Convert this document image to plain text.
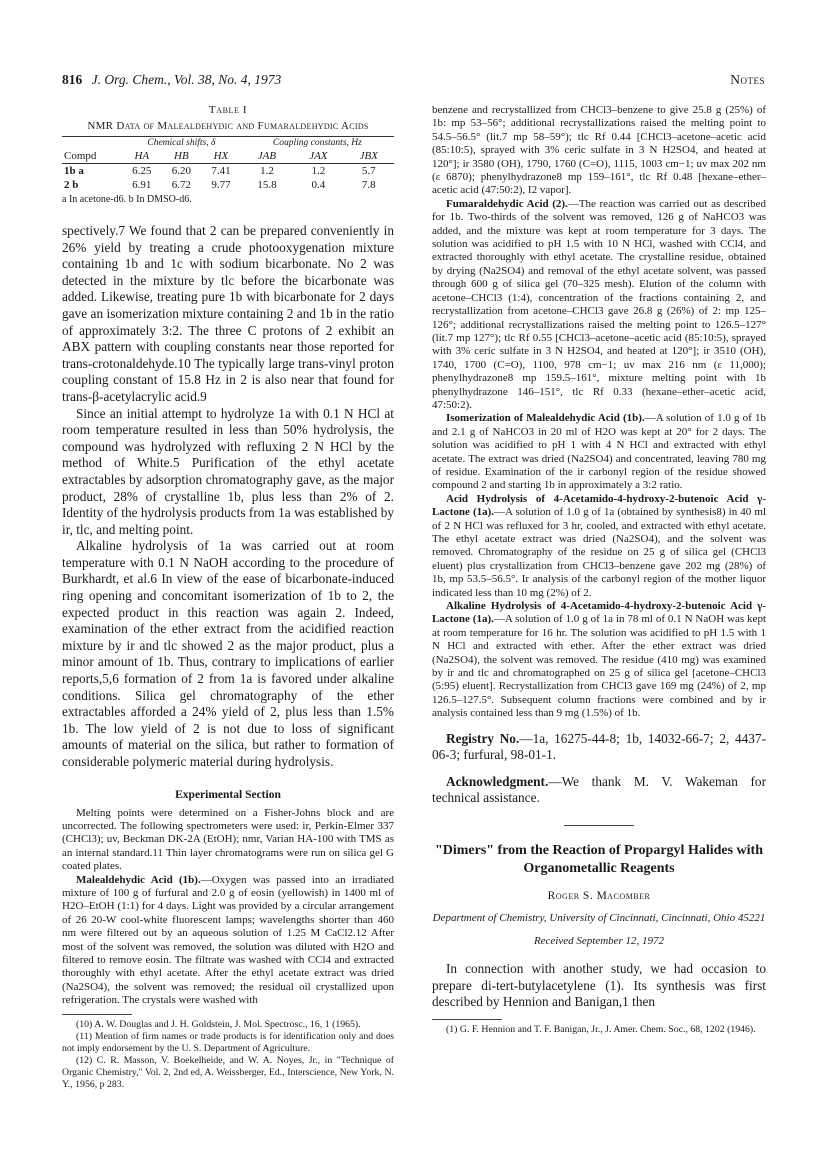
816 J. Org. Chem., Vol. 38, No. 4, 1973	Notes
Table I
NMR Data of Malealdehydic and Fumaraldehydic Acids
	Chemical shifts, δ			Coupling constants, Hz		
Compd	HA	HB	HX	JAB	JAX	JBX
1b a	6.25	6.20	7.41	1.2	1.2	5.7
2 b	6.91	6.72	9.77	15.8	0.4	7.8
a In acetone-d6. b In DMSO-d6.

spectively.7 We found that 2 can be prepared conveniently in 26% yield by treating a crude photooxygenation mixture containing 1b and 1c with sodium bicarbonate. No 2 was detected in the mixture by tlc before the bicarbonate was added. Likewise, treating pure 1b with bicarbonate for 2 days gave an isomerization mixture containing 2 and 1b in the ratio of approximately 3:2. The three C protons of 2 exhibit an ABX pattern with coupling constants near those reported for trans-crotonaldehyde.10 The typically large trans-vinyl proton coupling constant of 15.8 Hz in 2 is also near that found for trans-β-acetylacrylic acid.9

Since an initial attempt to hydrolyze 1a with 0.1 N HCl at room temperature resulted in less than 50% hydrolysis, the compound was hydrolyzed with refluxing 2 N HCl by the method of White.5 Purification of the ethyl acetate extractables by adsorption chromatography gave, as the major product, 28% of crystalline 1b, plus less than 2% of 2. Identity of the hydrolysis products from 1a was established by ir, tlc, and melting point.

Alkaline hydrolysis of 1a was carried out at room temperature with 0.1 N NaOH according to the procedure of Burkhardt, et al.6 In view of the ease of bicarbonate-induced ring opening and concomitant isomerization of 1b to 2, the expected product in this reaction was again 2. Indeed, examination of the ether extract from the acidified reaction mixture by ir and tlc showed 2 as the major product, plus a minor amount of 1b. Thus, contrary to implications of earlier reports,5,6 formation of 2 from 1a is favored under alkaline conditions. Silica gel chromatography of the ether extractables afforded a 24% yield of 2, plus less than 1.5% 1b. The low yield of 2 is not due to loss of significant amounts of material on the silica, but rather to formation of considerable polymeric material during hydrolysis.

Experimental Section

Melting points were determined on a Fisher-Johns block and are uncorrected. The following spectrometers were used: ir, Perkin-Elmer 337 (CHCl3); uv, Beckman DK-2A (EtOH); nmr, Varian HA-100 with TMS as an internal standard.11 Thin layer chromatograms were run on silica gel G coated plates.

Malealdehydic Acid (1b).—Oxygen was passed into an irradiated mixture of 100 g of furfural and 2.0 g of eosin (yellowish) in 1400 ml of H2O–EtOH (1:1) for 4 days. Light was provided by a circular arrangement of 26 20-W cool-white fluorescent lamps; wavelengths shorter than 460 nm were filtered out by an aqueous solution of 1.25 M CaCl2.12 After most of the solvent was removed, the solution was diluted with H2O and filtered to remove eosin. The filtrate was washed with CCl4 and extracted thoroughly with ethyl acetate. After the ethyl acetate extract was dried (Na2SO4), the solvent was removed; the residual oil crystallized upon refrigeration. The crystals were washed with

(10) A. W. Douglas and J. H. Goldstein, J. Mol. Spectrosc., 16, 1 (1965).

(11) Mention of firm names or trade products is for identification only and does not imply endorsement by the U. S. Department of Agriculture.

(12) C. R. Masson, V. Boekelheide, and W. A. Noyes, Jr., in "Technique of Organic Chemistry," Vol. 2, 2nd ed, A. Weissberger, Ed., Interscience, New York, N. Y., 1956, p 283.

benzene and recrystallized from CHCl3–benzene to give 25.8 g (25%) of 1b: mp 53–56°; additional recrystallizations raised the melting point to 54.5–56.5° (lit.7 mp 58–59°); tlc Rf 0.44 [CHCl3–acetone–acetic acid (85:10:5), sprayed with 3% ceric sulfate in 3 N H2SO4, and heated at 120°]; ir 3580 (OH), 1790, 1760 (C=O), 1115, 1003 cm−1; uv max 202 nm (ε 6870); phenylhydrazone8 mp 159–161°, tlc Rf 0.48 [hexane–ether–acetic acid (47:50:2), I2 vapor].

Fumaraldehydic Acid (2).—The reaction was carried out as described for 1b. Two-thirds of the solvent was removed, 126 g of NaHCO3 was added, and the mixture was kept at room temperature for 3 days. The solution was acidified to pH 1.5 with 10 N HCl, washed with CCl4, and extracted thoroughly with ethyl acetate. The crystalline residue, obtained by drying (Na2SO4) and removal of the ethyl acetate solvent, was passed through 600 g of silica gel (70–325 mesh). Elution of the column with acetone–CHCl3 (1:4), concentration of the fractions containing 2, and recrystallization from acetone–CHCl3 gave 26.8 g (26%) of 2: mp 125–126°; additional recrystallizations raised the melting point to 126.5–127° (lit.7 mp 127°); tlc Rf 0.55 [CHCl3–acetone–acetic acid (85:10:5), sprayed with 3% ceric sulfate in 3 N H2SO4, and heated at 120°]; ir 3510 (OH), 1740, 1700 (C=O), 1100, 978 cm−1; uv max 216 nm (ε 11,000); phenylhydrazone8 mp 159.5–161°, mixture melting point with 1b phenylhydrazone 146–151°, tlc Rf 0.33 (hexane–ether–acetic acid, 47:50:2).

Isomerization of Malealdehydic Acid (1b).—A solution of 1.0 g of 1b and 2.1 g of NaHCO3 in 20 ml of H2O was kept at 20° for 2 days. The solution was acidified to pH 1 with 4 N HCl and extracted with ethyl acetate. The extract was dried (Na2SO4) and concentrated, leaving 780 mg of residue. Examination of the ir carbonyl region of the residue showed compound 2 and starting 1b in approximately a 3:2 ratio.

Acid Hydrolysis of 4-Acetamido-4-hydroxy-2-butenoic Acid γ-Lactone (1a).—A solution of 1.0 g of 1a (obtained by synthesis8) in 40 ml of 2 N HCl was refluxed for 3 hr, cooled, and extracted with ethyl acetate. The ethyl acetate extract was dried (Na2SO4), and the solvent was removed. Chromatography of the residue on 25 g of silica gel (CHCl3 eluent) plus crystallization from CHCl3–benzene gave 202 mg (28%) of 1b, mp 53.5–56.5°. Ir analysis of the carbonyl region of the mother liquor indicated less than 10 mg (2%) of 2.

Alkaline Hydrolysis of 4-Acetamido-4-hydroxy-2-butenoic Acid γ-Lactone (1a).—A solution of 1.0 g of 1a in 78 ml of 0.1 N NaOH was kept at room temperature for 16 hr. The solution was acidified to pH 1.5 with 1 N HCl and extracted with ether. After the ether extract was dried (Na2SO4), the solvent was removed. The residue (410 mg) was examined by ir and tlc and chromatographed on 25 g of silica gel [acetone–CHCl3 (5:95) eluent]. Recrystallization from CHCl3 gave 169 mg (24%) of 2, mp 126.5–127.5°. Subsequent column fractions were combined and by ir analysis contained less than 9 mg (1.5%) of 1b.

Registry No.—1a, 16275-44-8; 1b, 14032-66-7; 2, 4437-06-3; furfural, 98-01-1.

Acknowledgment.—We thank M. V. Wakeman for technical assistance.

"Dimers" from the Reaction of Propargyl Halides with Organometallic Reagents
Roger S. Macomber
Department of Chemistry, University of Cincinnati, Cincinnati, Ohio 45221
Received September 12, 1972

In connection with another study, we had occasion to prepare di-tert-butylacetylene (1). Its synthesis was first described by Hennion and Banigan,1 then

(1) G. F. Hennion and T. F. Banigan, Jr., J. Amer. Chem. Soc., 68, 1202 (1946).
